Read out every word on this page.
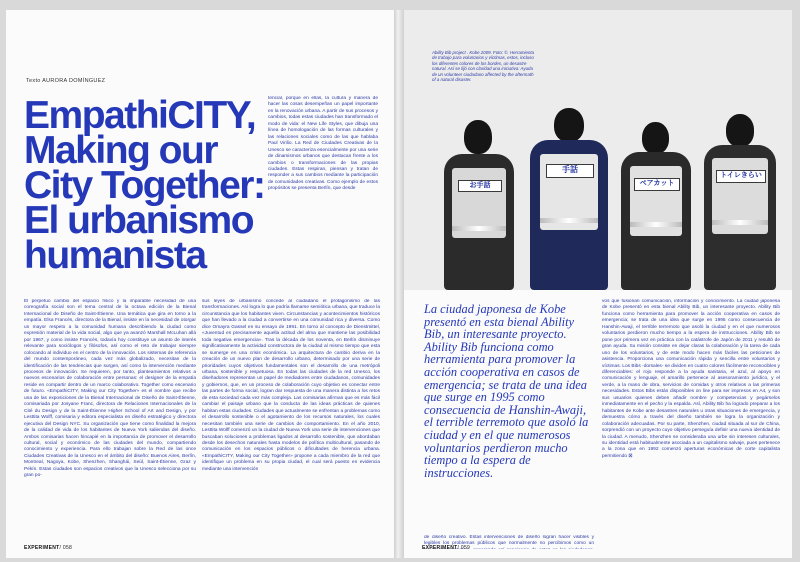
Texto AURORA DOMÍNGUEZ
EmpathiCITY,
Making our
City Together:
El urbanismo
humanista

tencial, porque en ellas, la cultura y manera de hacer las cosas desempeñan un papel importante en la renovación urbana. A partir de sus procesos y cambios, todas estas ciudades han transformado el modo de vida: el New Life Styles, que dibuja una línea de homologación de las formas culturales y las relaciones sociales como de las que hablaba Paul Virilio. La Red de Ciudades Creativas de la Unesco se caracteriza esencialmente por una serie de dinamismos urbanos que destacan frente a los cambios o transformaciones de las propias ciudades. Estas respiran, piensan y tratan de responder a sus cambios mediante la participación de comunidades creativas. Como ejemplo de estos propósitos se presenta Berlín, que desde

El perpetuo cambio del espacio físico y la imparable necesidad de una coreografía social son el tema central de la octava edición de la Bienal Internacional de Diseño de Saint-Étienne. Una temática que gira en torno a la empatía. Elsa Francès, directora de la Bienal, insiste en la necesidad de otorgar un mayor respeto a la comunidad humana describiendo la ciudad como expresión material de la vida social, algo que ya avanzó Marshall McLuhan allá por 1967, y como insiste Francès, todavía hoy constituye un asunto de interés relevante para sociólogos y filósofos, así como el reto de trabajar siempre colocando al individuo en el centro de la innovación. Los sistemas de referencia del mundo contemporáneo, cada vez más globalizado, necesitan de la identificación de las tendencias que surgen, así como la intervención mediante procesos de innovación. Se requieren, por tanto, planteamientos relativos a nuevos escenarios de colaboración entre personas: el designer de la empatía reside en compartir dentro de un marco colaborativo. Together como escenario de futuro. «EmpathiCITY, Making our City Together» es el nombre que recibe una de las exposiciones de la Bienal Internacional de Diseño de Saint-Étienne, comisariada por Josyane Franc, directora de Relaciones Internacionales de la Cité du Design y de la Saint-Étienne Higher School of Art and Design, y por Lesttita Wolff, comisaria y editora especialista en diseño estratégico y directora ejecutiva del Design NYC. Su organización que tiene como finalidad la mejora de la calidad de vida de los habitantes de Nueva York saliendas del diseño. Ambos comisarias hacen hincapié en la importancia de promover el desarrollo cultural, social y económico de las ciudades del mundo, compartiendo conocimiento y experiencia. Para ello trabajan sobre la Red de las once Ciudades Creativas de la Unesco en el ámbito del diseño: Buenos Aires, Berlín, Montreal, Nagoya, Kobe, Shenzhen, Shanghái, Seúl, Saint-Étienne, Graz y Pekín. Estas ciudades son espacios creativos que la Unesco selecciona por su gran po-

sus leyes de urbanismo concede al ciudadano el protagonismo de las transformaciones. Así logra lo que podría llamarse semiótica urbana, que traduce la circunstancia que los habitantes viven. Circunstancias y acontecimientos históricos que han llevado a la ciudad a convertirse en una comunidad rica y diversa. Como dice Omayra Gassel en su ensayo de 1991. En torno al concepto de Dienstmittel, «Juventud es precisamente aquella actitud del alma que mantiene las posibilidad toda negativa emergencia». Tras la década de los noventa, en Berlín disminuye significativamente la actividad constructora de la ciudad al mismo tiempo que esta se sumerge en una crisis económica. La arquitectura de cambio deriva en la creación de un nuevo plan de desarrollo urbano, determinado por una serie de prioridades cuyos objetivos fundamentales son el desarrollo de una metrópoli urbana, sostenible y respetuosa. En todas las ciudades de la red Unesco, los diseñadores representan un papel de mediadores entre ciudadanos, comunidades y gobiernos, que, en un proceso de colaboración cuyo objetivo es conectar entre las partes de forma social, logran dar respuesta de una manera distinta a los retos de esta sociedad cada vez más compleja. Las comisarias afirman que es más fácil cambiar el paisaje urbano que la conducta de las ideas prácticas de quienes habitan estas ciudades. Ciudades que actualmente se enfrentan a problemas como el desarrollo sostenible o el agotamiento de los recursos naturales, los cuales necesitan también una serie de cambios de comportamiento. En el año 2010, Lesttita Wolff comenzó un la ciudad de Nueva York una serie de intervenciones que buscaban soluciones a problemas ligados al desarrollo sostenible, que abordaban desde los desechos naturales hasta modelos de política multicultural, pasando de comunicación en los espacios públicos o dificultades de herencia urbana. «EmpathiCITY, Making our City Together» propone a cada miembro de la red que identifique un problema en su propia ciudad, el cual será puesto en evidencia mediante una intervención

EXPERIMENT/ 058
Ability Bib project . Kobe 2009. Foto: ©. Herramienta de trabajo para voluntarios y víctimas, estos, incluso los diferentes colores de los bordes, un desastre natural. Así se fijó con claridad una iniciativa: Ayuda de un volunteer ciudadano affected by the aftermath of a natural disaster.
お手話
手話
ペアカット
トイレきらい
La ciudad japonesa de Kobe presentó en esta bienal Ability Bib, un interesante proyecto. Ability Bib funciona como herramienta para promover la acción cooperativa en casos de emergencia; se trata de una idea que surge en 1995 como consecuencia de Hanshin-Awaji, el terrible terremoto que asoló la ciudad y en el que numerosos voluntarios perdieron mucho tiempo a la espera de instrucciones.

de diseño creativo. Estas intervenciones de diseño logran hacer visibles y legibles los problemas públicos que normalmente no percibimos como un

vos que fusionan comunicación, información y conocimiento. La ciudad japonesa de Kobe presentó en esta bienal Ability Bib, un interesante proyecto. Ability Bib funciona como herramienta para promover la acción cooperativa en casos de emergencia; se trata de una idea que surge en 1995 como consecuencia de Hanshin-Awaji, el terrible terremoto que asoló la ciudad y en el que numerosos voluntarios perdieron mucho tiempo a la espera de instrucciones. Ability Bib se pone por primera vez en práctica con la catástrofe de Japón de 2011 y resultó de gran ayuda. Su misión consiste en dejar claras la colaboración y la tarea de cada uno de los voluntarios, y de este modo hacen más fáciles las peticiones de asistencia. Proporciona una comunicación rápida y sencilla entre voluntarios y víctimas. Los Bibs -dorsales- se dividen en cuatro colores fácilmente reconocibles y diferenciables: el rojo responde a la ayuda sanitaria, el azul, al apoyo en comunicación y lenguaje, el amarillo pertenece al asesoramiento jurídico, y el verde, a la mano de obra, servicios de comidas y otros relativos a las primeras necesidades. Estos Bibs están disponibles on line para ser impresos en A4, y son sus usuarios quienes deben añadir nombre y competencias y pegárselos inmediatamente en el pecho y la espalda. Así, Ability Bib ha logrado preparar a los habitantes de Kobe ante desastres naturales u otras situaciones de emergencia, y demuestra cómo a través del diseño también se logra la organización y colaboración adecuadas. Por su parte, Shenzhen, ciudad situada al sur de China, sorprendió con un proyecto cuyo objetivo perseguía definir una nueva identidad de la ciudad. A menudo, Shenzhen se consideraba una urbe sin intereses culturales, su identidad está habitualmente asociada a un capitalismo salvaje, pues pertenece a la zona que en 1992 comenzó aperturas económicas de corte capitalista permitiendo ⊠

EXPERIMENT/ 059
